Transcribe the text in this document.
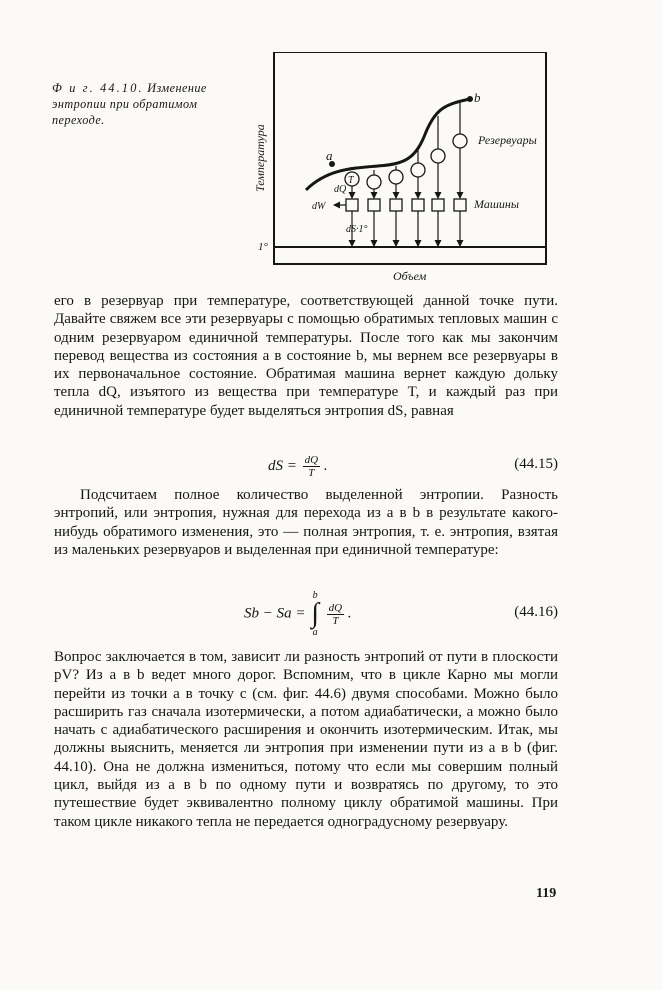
Ф и г. 44.10. Изменение энтропии при обратимом переходе.
1°
Температура
Объем
a
b
T
dQ
dW
dS·1°
Резервуары
Машины

его в резервуар при температуре, соответствующей данной точке пути. Давайте свяжем все эти резервуары с помощью обратимых тепловых машин с одним резервуаром единичной температуры. После того как мы закончим перевод вещества из состояния a в состояние b, мы вернем все резервуары в их первоначальное состояние. Обратимая машина вернет каждую дольку тепла dQ, изъятого из вещества при температуре T, и каждый раз при единичной температуре будет выделяться энтропия dS, равная

dS = $\frac{dQ}{T}$ .	(44.15)

Подсчитаем полное количество выделенной энтропии. Разность энтропий, или энтропия, нужная для перехода из a в b в результате какого-нибудь обратимого изменения, это — полная энтропия, т. е. энтропия, взятая из маленьких резервуаров и выделенная при единичной температуре:

Sb − Sa = b
∫
a
$\frac{dQ}{T}$ .	(44.16)

Вопрос заключается в том, зависит ли разность энтропий от пути в плоскости pV? Из a в b ведет много дорог. Вспомним, что в цикле Карно мы могли перейти из точки a в точку c (см. фиг. 44.6) двумя способами. Можно было расширить газ сначала изотермически, а потом адиабатически, а можно было начать с адиабатического расширения и окончить изотермическим. Итак, мы должны выяснить, меняется ли энтропия при изменении пути из a в b (фиг. 44.10). Она не должна измениться, потому что если мы совершим полный цикл, выйдя из a в b по одному пути и возвратясь по другому, то это путешествие будет эквивалентно полному циклу обратимой машины. При таком цикле никакого тепла не передается одноградусному резервуару.

119
